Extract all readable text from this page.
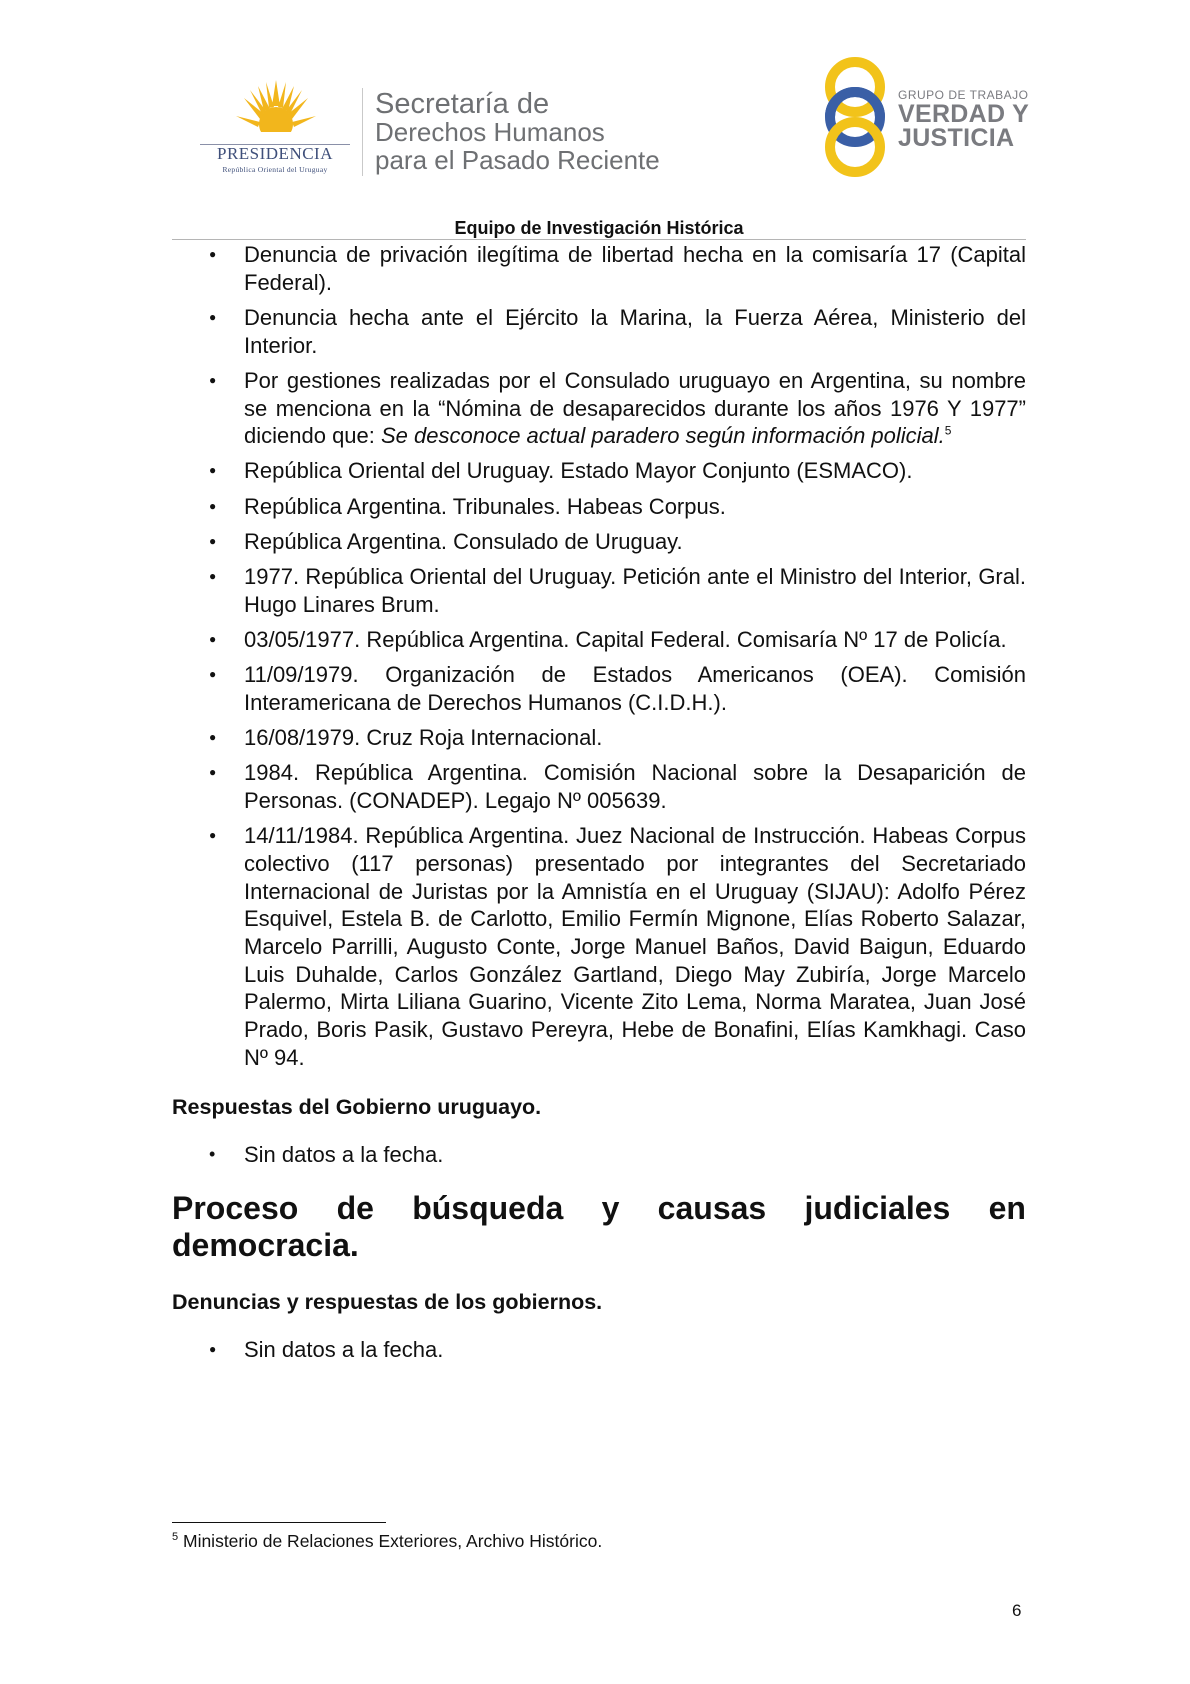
PRESIDENCIA
República Oriental del Uruguay
Secretaría de
Derechos Humanos
para el Pasado Reciente
GRUPO DE TRABAJO
VERDAD Y
JUSTICIA
Equipo de Investigación Histórica
● Denuncia de privación ilegítima de libertad hecha en la comisaría 17 (Capital Federal).
● Denuncia hecha ante el Ejército la Marina, la Fuerza Aérea, Ministerio del Interior.
● Por gestiones realizadas por el Consulado uruguayo en Argentina, su nombre se menciona en la “Nómina de desaparecidos durante los años 1976 Y 1977” diciendo que: Se desconoce actual paradero según información policial.$^5$
● República Oriental del Uruguay. Estado Mayor Conjunto (ESMACO).
● República Argentina. Tribunales. Habeas Corpus.
● República Argentina. Consulado de Uruguay.
● 1977. República Oriental del Uruguay. Petición ante el Ministro del Interior, Gral. Hugo Linares Brum.
● 03/05/1977. República Argentina. Capital Federal. Comisaría Nº 17 de Policía.
● 11/09/1979. Organización de Estados Americanos (OEA). Comisión Interamericana de Derechos Humanos (C.I.D.H.).
● 16/08/1979. Cruz Roja Internacional.
● 1984. República Argentina. Comisión Nacional sobre la Desaparición de Personas. (CONADEP). Legajo Nº 005639.
● 14/11/1984. República Argentina. Juez Nacional de Instrucción. Habeas Corpus colectivo (117 personas) presentado por integrantes del Secretariado Internacional de Juristas por la Amnistía en el Uruguay (SIJAU): Adolfo Pérez Esquivel, Estela B. de Carlotto, Emilio Fermín Mignone, Elías Roberto Salazar, Marcelo Parrilli, Augusto Conte, Jorge Manuel Baños, David Baigun, Eduardo Luis Duhalde, Carlos González Gartland, Diego May Zubiría, Jorge Marcelo Palermo, Mirta Liliana Guarino, Vicente Zito Lema, Norma Maratea, Juan José Prado, Boris Pasik, Gustavo Pereyra, Hebe de Bonafini, Elías Kamkhagi. Caso Nº 94.

Respuestas del Gobierno uruguayo.

• Sin datos a la fecha.
Proceso de búsqueda y causas judiciales en
democracia.

Denuncias y respuestas de los gobiernos.

● Sin datos a la fecha.
$^5$ Ministerio de Relaciones Exteriores, Archivo Histórico.
6
